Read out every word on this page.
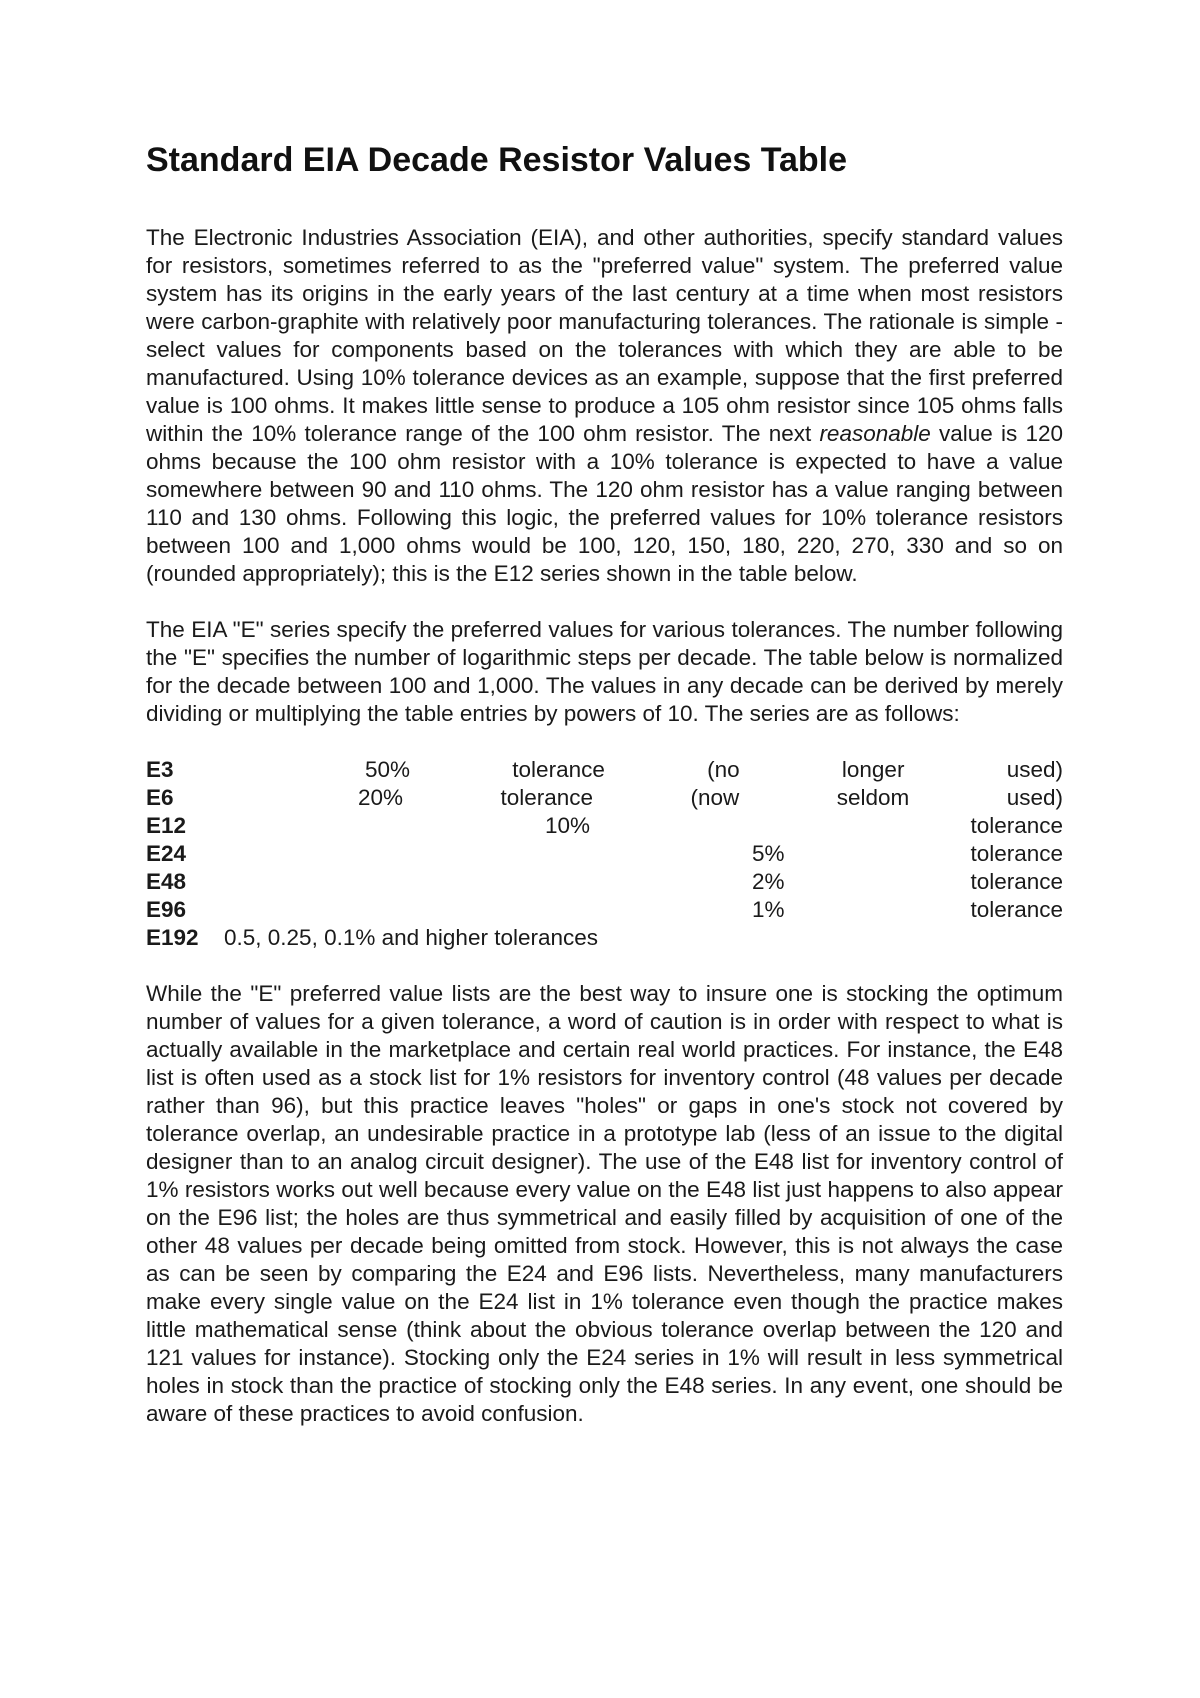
Standard EIA Decade Resistor Values Table

The Electronic Industries Association (EIA), and other authorities, specify standard values for resistors, sometimes referred to as the "preferred value" system. The preferred value system has its origins in the early years of the last century at a time when most resistors were carbon-graphite with relatively poor manufacturing tolerances. The rationale is simple - select values for components based on the tolerances with which they are able to be manufactured. Using 10% tolerance devices as an example, suppose that the first preferred value is 100 ohms. It makes little sense to produce a 105 ohm resistor since 105 ohms falls within the 10% tolerance range of the 100 ohm resistor. The next reasonable value is 120 ohms because the 100 ohm resistor with a 10% tolerance is expected to have a value somewhere between 90 and 110 ohms. The 120 ohm resistor has a value ranging between 110 and 130 ohms. Following this logic, the preferred values for 10% tolerance resistors between 100 and 1,000 ohms would be 100, 120, 150, 180, 220, 270, 330 and so on (rounded appropriately); this is the E12 series shown in the table below.

The EIA "E" series specify the preferred values for various tolerances. The number following the "E" specifies the number of logarithmic steps per decade. The table below is normalized for the decade between 100 and 1,000. The values in any decade can be derived by merely dividing or multiplying the table entries by powers of 10. The series are as follows:

E3	50%	tolerance	(no	longer	used)
E6	20%	tolerance	(now	seldom	used)
E12	10%	tolerance
E24	5%	tolerance
E48	2%	tolerance
E96	1%	tolerance
E192	0.5, 0.25, 0.1% and higher tolerances

While the "E" preferred value lists are the best way to insure one is stocking the optimum number of values for a given tolerance, a word of caution is in order with respect to what is actually available in the marketplace and certain real world practices. For instance, the E48 list is often used as a stock list for 1% resistors for inventory control (48 values per decade rather than 96), but this practice leaves "holes" or gaps in one's stock not covered by tolerance overlap, an undesirable practice in a prototype lab (less of an issue to the digital designer than to an analog circuit designer). The use of the E48 list for inventory control of 1% resistors works out well because every value on the E48 list just happens to also appear on the E96 list; the holes are thus symmetrical and easily filled by acquisition of one of the other 48 values per decade being omitted from stock. However, this is not always the case as can be seen by comparing the E24 and E96 lists. Nevertheless, many manufacturers make every single value on the E24 list in 1% tolerance even though the practice makes little mathematical sense (think about the obvious tolerance overlap between the 120 and 121 values for instance). Stocking only the E24 series in 1% will result in less symmetrical holes in stock than the practice of stocking only the E48 series. In any event, one should be aware of these practices to avoid confusion.
